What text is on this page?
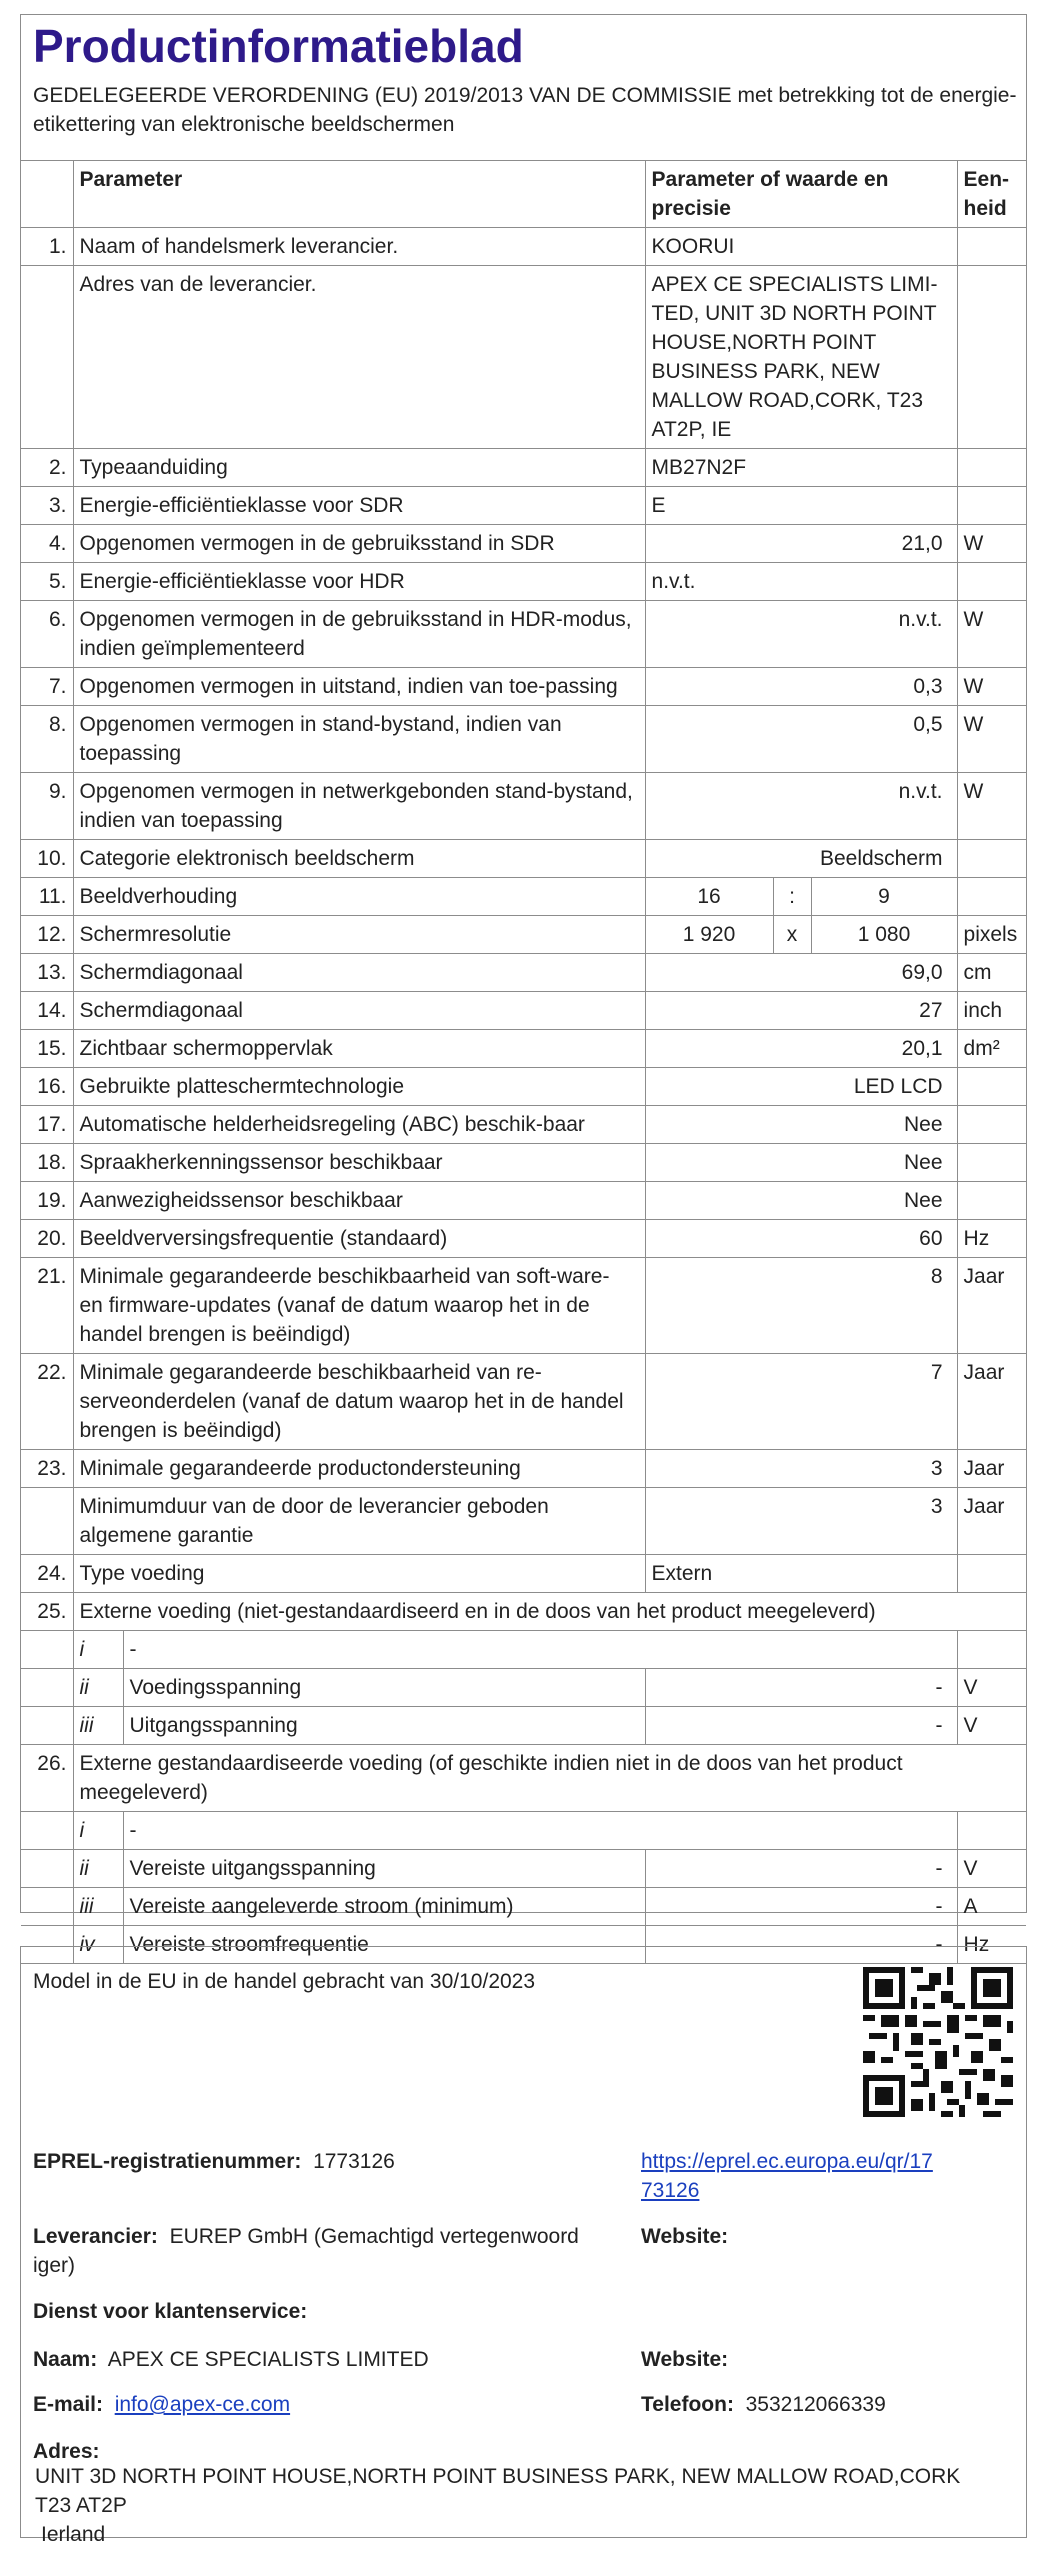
Productinformatieblad
GEDELEGEERDE VERORDENING (EU) 2019/2013 VAN DE COMMISSIE met betrekking tot de energie-etikettering van elektronische beeldschermen
	Parameter		Parameter of waarde en precisie			Een-heid
1.	Naam of handelsmerk leverancier.		KOORUI			
	Adres van de leverancier.		APEX CE SPECIALISTS LIMI-TED, UNIT 3D NORTH POINT HOUSE,NORTH POINT BUSINESS PARK, NEW MALLOW ROAD,CORK, T23 AT2P, IE			
2.	Typeaanduiding		MB27N2F			
3.	Energie-efficiëntieklasse voor SDR		E			
4.	Opgenomen vermogen in de gebruiksstand in SDR		21,0			W
5.	Energie-efficiëntieklasse voor HDR		n.v.t.			
6.	Opgenomen vermogen in de gebruiksstand in HDR-modus, indien geïmplementeerd		n.v.t.			W
7.	Opgenomen vermogen in uitstand, indien van toe-passing		0,3			W
8.	Opgenomen vermogen in stand-bystand, indien van toepassing		0,5			W
9.	Opgenomen vermogen in netwerkgebonden stand-bystand, indien van toepassing		n.v.t.			W
10.	Categorie elektronisch beeldscherm		Beeldscherm			
11.	Beeldverhouding		16	:	9	
12.	Schermresolutie		1 920	x	1 080	pixels
13.	Schermdiagonaal		69,0			cm
14.	Schermdiagonaal		27			inch
15.	Zichtbaar schermoppervlak		20,1			dm²
16.	Gebruikte platteschermtechnologie		LED LCD			
17.	Automatische helderheidsregeling (ABC) beschik-baar		Nee			
18.	Spraakherkenningssensor beschikbaar		Nee			
19.	Aanwezigheidssensor beschikbaar		Nee			
20.	Beeldverversingsfrequentie (standaard)		60			Hz
21.	Minimale gegarandeerde beschikbaarheid van soft-ware- en firmware-updates (vanaf de datum waarop het in de handel brengen is beëindigd)		8			Jaar
22.	Minimale gegarandeerde beschikbaarheid van re-serveonderdelen (vanaf de datum waarop het in de handel brengen is beëindigd)		7			Jaar
23.	Minimale gegarandeerde productondersteuning		3			Jaar
	Minimumduur van de door de leverancier geboden algemene garantie		3			Jaar
24.	Type voeding		Extern			
25.	Externe voeding (niet-gestandaardiseerd en in de doos van het product meegeleverd)					
	i	-				
	ii	Voedingsspanning	-			V
	iii	Uitgangsspanning	-			V
26.	Externe gestandaardiseerde voeding (of geschikte indien niet in de doos van het product meegeleverd)					
	i	-				
	ii	Vereiste uitgangsspanning	-			V
	iii	Vereiste aangeleverde stroom (minimum)	-			A
	iv	Vereiste stroomfrequentie	-			Hz
Model in de EU in de handel gebracht van 30/10/2023
EPREL-registratienummer: 1773126	https://eprel.ec.europa.eu/qr/17
73126
Leverancier: EUREP GmbH (Gemachtigd vertegenwoord
iger)
Website:
Dienst voor klantenservice:
Naam: APEX CE SPECIALISTS LIMITED	Website:
E-mail: info@apex-ce.com	Telefoon: 353212066339
Adres:
UNIT 3D NORTH POINT HOUSE,NORTH POINT BUSINESS PARK, NEW MALLOW ROAD,CORK
T23 AT2P
Ierland
